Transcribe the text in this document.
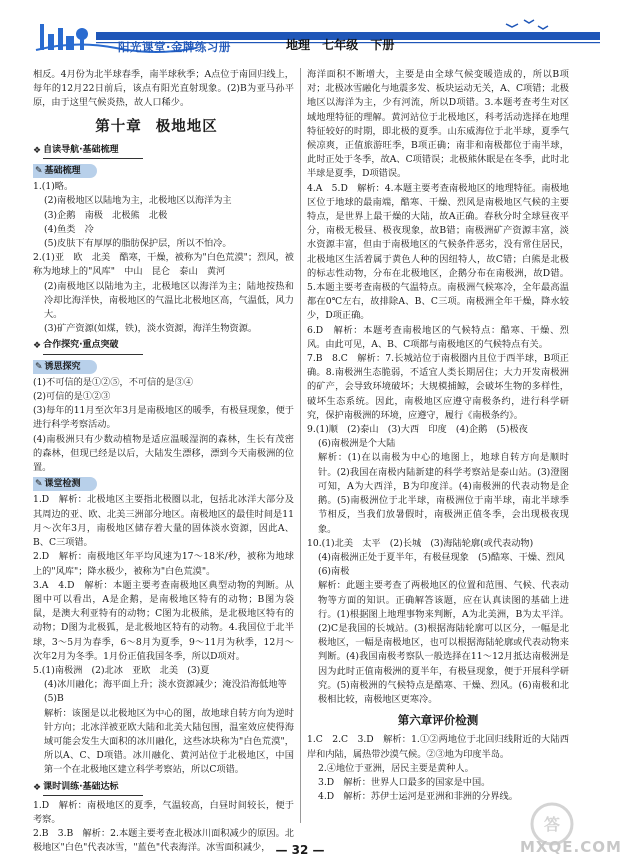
阳光课堂·金牌练习册	地理 七年级 下册

相反。4月份为北半球春季，南半球秋季；A点位于南回归线上，每年的12月22日前后，该点有阳光直射现象。(2)B为亚马孙平原，由于这里气候炎热，故人口稀少。

第十章 极地地区
❖ 自读导航·基础梳理
✎ 基础梳理

1.(1)略。

(2)南极地区以陆地为主，北极地区以海洋为主

(3)企鹅　南极　北极熊　北极

(4)鱼类　冷

(5)皮肤下有厚厚的脂肪保护层，所以不怕冷。

2.(1)亚　欧　北美　酷寒，干燥，被称为"白色荒漠"；烈风，被称为地球上的"风库"　中山　昆仑　泰山　黄河

(2)南极地区以陆地为主，北极地区以海洋为主；陆地按热和冷却比海洋快，南极地区的气温比北极地区高，气温低，风力大。

(3)矿产资源(如煤，铁)，淡水资源，海洋生物资源。

❖ 合作探究·重点突破
✎ 诱思探究

(1)不可信的是①②⑤，不可信的是③④

(2)可信的是①②③

(3)每年的11月至次年3月是南极地区的暖季，有极昼现象，便于进行科学考察活动。

(4)南极洲只有少数动植物是适应温暖湿润的森林，生长有茂密的森林，但现已经是以后，大陆发生漂移，漂到今天南极洲的位置。

✎ 课堂检测

1.D　解析：北极地区主要指北极圈以北，包括北冰洋大部分及其周边的亚、欧、北美三洲部分地区。南极地区的最佳时间是11月～次年3月，南极地区储存着大量的固体淡水资源，因此A、B、C三项错。

2.D　解析：南极地区年平均风速为17～18米/秒，被称为地球上的"风库"；降水极少，被称为"白色荒漠"。

3.A　4.D　解析：本题主要考查南极地区典型动物的判断。从图中可以看出，A是企鹅，是南极地区特有的动物；B图为袋鼠，是澳大利亚特有的动物；C图为北极熊，是北极地区特有的动物；D图为北极狐，是北极地区特有的动物。4.我国位于北半球，3～5月为春季，6～8月为夏季，9～11月为秋季，12月～次年2月为冬季。1月份正值我国冬季，所以D项对。

5.(1)南极洲　(2)北冰　亚欧　北美　(3)夏

(4)冰川融化；海平面上升；淡水资源减少；淹没沿海低地等

(5)B

解析：该图是以北极地区为中心的图，故地球自转方向为逆时针方向；北冰洋被亚欧大陆和北美大陆包围，温室效应使得海域可能会发生大面积的冰川融化，这些冰块称为"白色荒漠"，所以A、C、D项错。冰川融化、黄河站位于北极地区，中国第一个在北极地区建立科学考察站，所以C项错。

❖ 课时训练·基础达标

1.D　解析：南极地区的夏季，气温较高，白昼时间较长，便于考察。

2.B　3.B　解析：2.本题主要考查北极冰川面积减少的原因。北极地区"白色"代表冰雪，"蓝色"代表海洋。冰雪面积减少，

海洋面积不断增大，主要是由全球气候变暖造成的，所以B项对；北极冰雪融化与地震多发、板块运动无关，A、C项错；北极地区以海洋为主，少有河流，所以D项错。3.本题考查考生对区域地理特征的理解。黄河站位于北极地区，科考活动选择在地理特征较好的时期，即北极的夏季。山东威海位于北半球，夏季气候凉爽，正值旅游旺季，B项正确；南非和南极都位于南半球，此时正处于冬季，故A、C项错误；北极熊休眠是在冬季，此时北半球是夏季，D项错误。

4.A　5.D　解析：4.本题主要考查南极地区的地理特征。南极地区位于地球的最南端，酷寒、干燥、烈风是南极地区气候的主要特点，是世界上最干燥的大陆，故A正确。春秋分时全球昼夜平分，南极无极昼、极夜现象，故B错；南极洲矿产资源丰富，淡水资源丰富，但由于南极地区的气候条件恶劣，没有常住居民，北极地区生活着属于黄色人种的因纽特人，故C错；白熊是北极的标志性动物，分布在北极地区，企鹅分布在南极洲，故D错。5.本题主要考查南极的气温特点。南极洲气候寒冷，全年最高温都在0℃左右，故排除A、B、C三项。南极洲全年干燥，降水较少，D项正确。

6.D　解析：本题考查南极地区的气候特点：酷寒、干燥、烈风。由此可见，A、B、C项都与南极地区的气候特点有关。

7.B　8.C　解析：7.长城站位于南极圈内且位于西半球，B项正确。8.南极洲生态脆弱，不适宜人类长期居住；大力开发南极洲的矿产，会导致环境破坏；大规模捕鲸，会破坏生物的多样性，破坏生态系统。因此，南极地区应遵守南极条约，进行科学研究，保护南极洲的环境，应遵守，履行《南极条约》。

9.(1)顺　(2)泰山　(3)大西　印度　(4)企鹅　(5)极夜

(6)南极洲是个大陆

解析：(1)在以南极为中心的地图上，地球自转方向是顺时针。(2)我国在南极内陆新建的科学考察站是泰山站。(3)澄图可知，A为大西洋，B为印度洋。(4)南极洲的代表动物是企鹅。(5)南极洲位于北半球，南极洲位于南半球，南北半球季节相反，当我们放暑假时，南极洲正值冬季，会出现极夜现象。

10.(1)北美　太平　(2)长城　(3)海陆轮廓(或代表动物)

(4)南极洲正处于夏半年，有极昼现象　(5)酷寒、干燥、烈风

(6)南极

解析：此题主要考查了两极地区的位置和范围、气候、代表动物等方面的知识。正确解答该题，应在认真读图的基础上进行。(1)根据图上地理事物来判断，A为北美洲，B为太平洋。(2)C是我国的长城站。(3)根据海陆轮廓可以区分，一幅是北极地区，一幅是南极地区，也可以根据海陆轮廓或代表动物来判断。(4)我国南极考察队一般选择在11～12月抵达南极洲是因为此时正值南极洲的夏半年，有极昼现象，便于开展科学研究。(5)南极洲的气候特点是酷寒、干燥、烈风。(6)南极和北极相比较，南极地区更寒冷。

第六章评价检测

1.C　2.C　3.D　解析：1.①②两地位于北回归线附近的大陆西岸和内陆，属热带沙漠气候。②③地为印度半岛。

2.④地位于亚洲，居民主要是黄种人。

3.D　解析：世界人口最多的国家是中国。

4.D　解析：苏伊士运河是亚洲和非洲的分界线。

— 32 —
答
MXQE.COM
